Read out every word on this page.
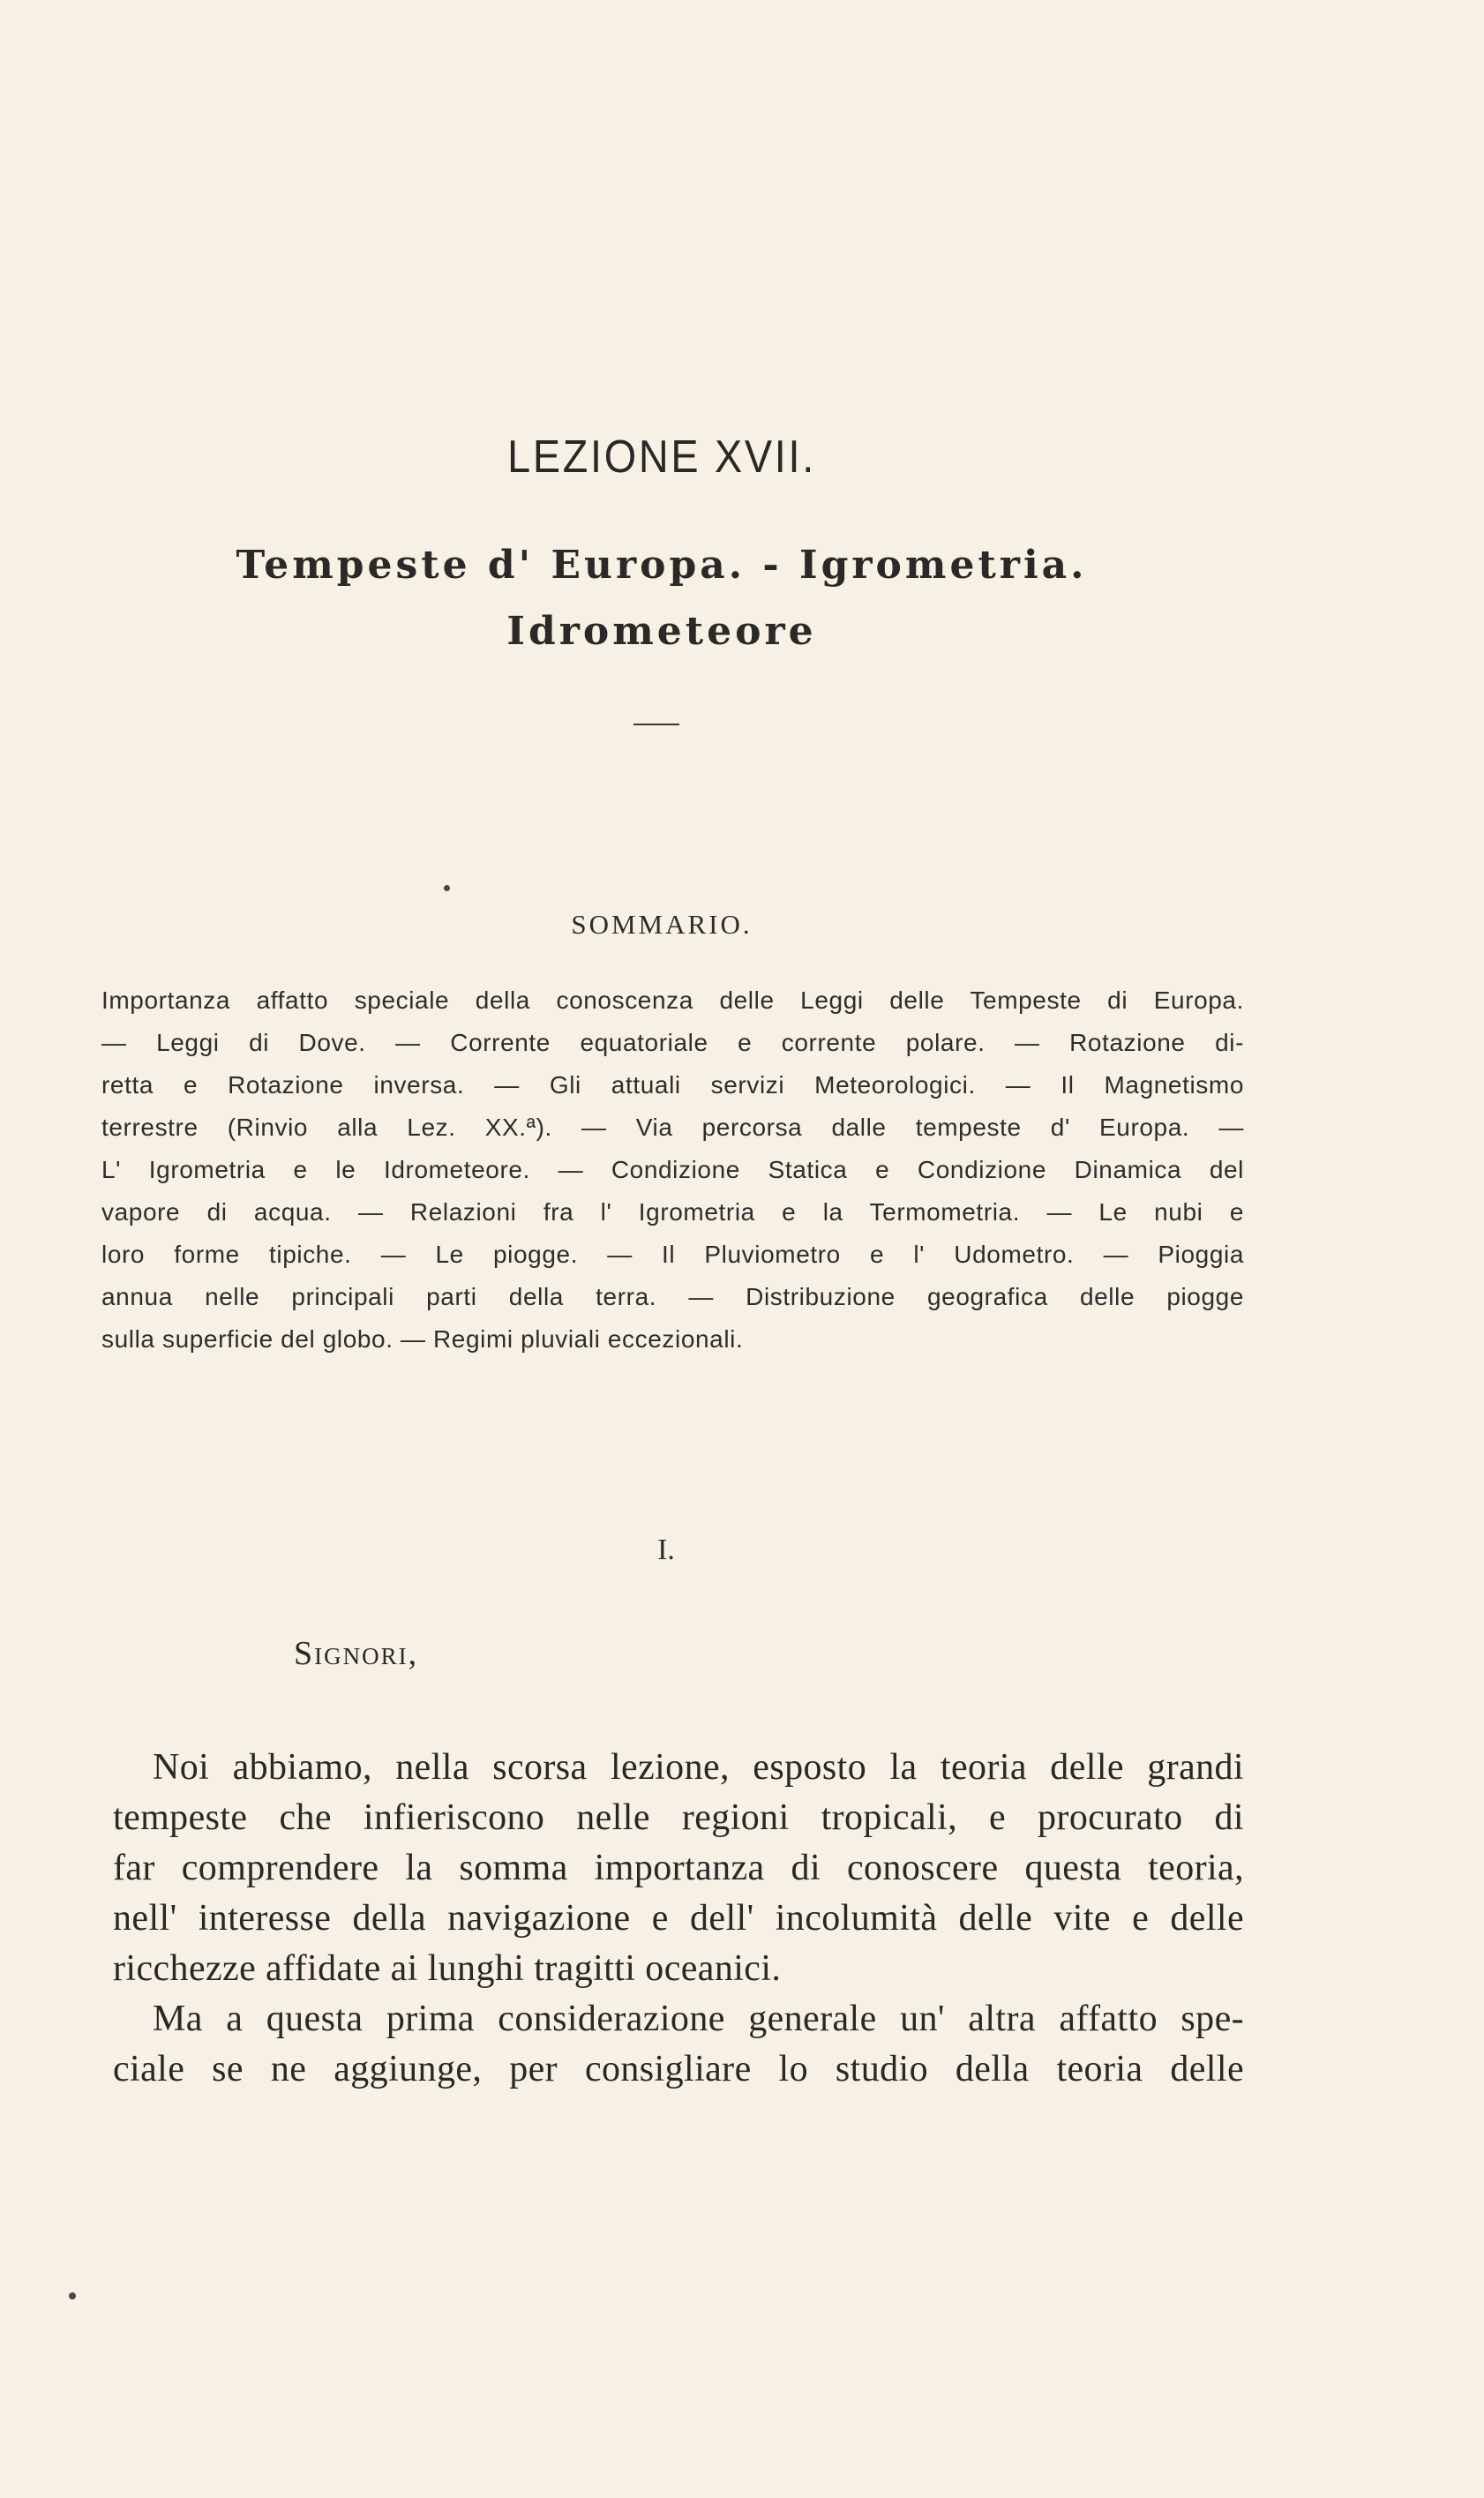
LEZIONE XVII.
Tempeste d' Europa. - Igrometria.
Idrometeore
SOMMARIO.
Importanza affatto speciale della conoscenza delle Leggi delle Tempeste di Europa.
— Leggi di Dove. — Corrente equatoriale e corrente polare. — Rotazione di-
retta e Rotazione inversa. — Gli attuali servizi Meteorologici. — Il Magnetismo
terrestre (Rinvio alla Lez. XX.ª). — Via percorsa dalle tempeste d' Europa. —
L' Igrometria e le Idrometeore. — Condizione Statica e Condizione Dinamica del
vapore di acqua. — Relazioni fra l' Igrometria e la Termometria. — Le nubi e
loro forme tipiche. — Le piogge. — Il Pluviometro e l' Udometro. — Pioggia
annua nelle principali parti della terra. — Distribuzione geografica delle piogge
sulla superficie del globo. — Regimi pluviali eccezionali.
I.
Signori,
Noi abbiamo, nella scorsa lezione, esposto la teoria delle grandi
tempeste che infieriscono nelle regioni tropicali, e procurato di
far comprendere la somma importanza di conoscere questa teoria,
nell' interesse della navigazione e dell' incolumità delle vite e delle
ricchezze affidate ai lunghi tragitti oceanici.
Ma a questa prima considerazione generale un' altra affatto spe-
ciale se ne aggiunge, per consigliare lo studio della teoria delle
